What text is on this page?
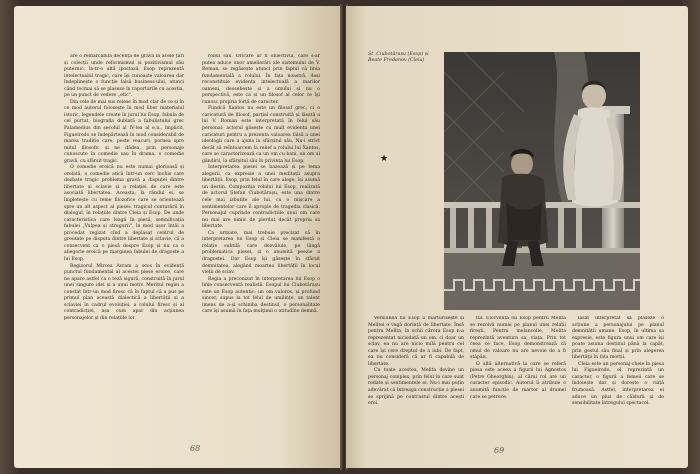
are o remarcabilă decență de gravă în acele țări și colecții unde reformismul și pozitivismul său puternic, în-tr-o altă ipostază, Esop reprezentă intelectualul tragic, care își cunoaște valoarea dar îndeplinește o funcție falsă business-ului, atunci când tocmai să se plaseze în raporturile cu acestia, pe un punct de vedere „etic".

Din cele de mai sus reiese în mod clar de ce și în ce mod autorul folosește în mod liber materialul istoric, legendele create în jurul lui Esop, fabula de cel purtat, biografia dublată a fabulistului grec Palamedius din secolul al IV-lea al e.n., implicit, Figueiredo se îndepărtează în mod considerabil de marea tradiție care, peste veacuri, pornea spre mitul filosofic și ne dădea, prin personaje cunoscute în comedie sau în drama, o comedie gravă, cu sfârșit tragic.

O comedie eroică nu este numai glorioasă și orelată, o comedie atică într-un cerc închis care dezbate tragic problema gravă a disputei dintre libertate și sclavie și a relației de care este asociată libertatea. Aceasta, la rândul ei, se împletește cu teme filozofice care se orientează spre un alt aspect al piesei: tragicul conturării în dialogul, în relațiile dintre Cleia și Esop. De unde caracteristica care leagă în piesă, semnificația fabulei „Vulpea și strugurii", în mod ușor întâi a procedat regizat cînd a deplasat centrul de greutate pe disputa dintre libertate și sclavie, că a consecvent ca o piesă despre Esop și nu ca o aliegorie eroică pe marginea fabulei de dragoste a lui Esop.

Regizorul Mircea Avram a scos în evidență punctul fundamental al acestei piese eroice, care ne apare astfel ca o teză sigură, construită în jurul unei singure idei și a unui motiv. Meritul regiei a constat într-un mod firesc că în faptul că a pus pe primul plan această dialectică a libertății și a sclaviei în cadrul evoluției, a rolului firesc și al contradicției, așa cum apar din acțiunea personajelor și din relațiile lor.

robul său. Oricare ar fi obiectivul, care s-ar putea aduce unor ameliorări ale sistemului de V. Roman, se regăsește atunci prin faptul că linia fundamentală a rolului. În fața noastră, deși reconstituie evidența intelectuală a marilor oameni, deosebește și a omului și nu o perspectivă, este ca și un filosof al celor ce își cunosc propria forță de caracter.

Fiindcă Xantos nu este un filosof grec, ci o caricatură de filosof, parțial construită și lăsată a lui V. Roman este interpretată în felul său personal: actorul găsește cu mult evidența unei caricaturi pentru a prezenta valoarea falsă a unei ideologii care a ajuns la sfârșitul său. Nu-i strict decât să reîntoarcem la relief a rolului lui Xantos, care se caracterizează ca un om cu bani, un om al gândirii, la sfârșitul său în privința lui Esop.

Interpretarea piesei se bazează și pe tema alegerii, ca expresie a unei meditații asupra libertății. Esop, prin felul în care alege, își asumă un destin. Compoziția rolului lui Esop, realizată de actorul Ștefan Ciubotărașu, este una dintre cele mai izbutite ale lui, cu o mișcare a sentimentelor care îl apropie de tragedia clasică. Personajul cuprinde contradicțiile unui om care nu mai are nimic de pierdut decât propria sa libertate.

Ca urmare, mai trebuie precizat că în interpretarea lui Esop și Cleia se manifestă o relație subtilă care dezvăluie, pe lângă problematica piesei, și o anumită poezie a dragostei. Dar Esop își găsește în sfârșit demnitatea, alegând moartea libertății în locul vieții de sclav.

Regia a preconizat în interpretarea lui Esop o linie consecventă realistă. Esopul lui Ciubotărașu este un Esop autentic: un om valoros, și profund sincer, supus la tot felul de umilințe, un talent imens de a-și schimba destinul, o personalitate care își asumă în fața mulțimii o atitudine demnă.

68
Șt. Ciubotărașu (Esop) și Beate Fredanov (Cleia)
★

Versiunea lui Esop îi mărturisește și Melitei o vagă dorință de libertate. Însă pentru Melita, în ochii cărora Esop n-a reprezentat niciodată un om, ci doar un sclav, ea nu are nicio milă pentru cel care își cere dreptul de a iubi. De fapt, ea nu consideră că ar fi capabilă de libertate.

Cu toate acestea, Melita devine un personaj complex, prin felul în care sunt redate și sentimentele ei. Nu-i mai puțin adevărat că întreaga construcție a piesei se sprijină pe contrastul dintre acești eroi.

tul. Elocvența lui Esop pentru Melita se rezolvă numai pe planul unei relații firești. Pentru melancolie, Melita reprezintă aventura sa, viața. Prin tot ceea ce face, Esop demonstrează că omul de valoare nu are nevoie de a fi stăpân.

O altă alternativă la care se referă piesa este aceea a figurii lui Agnostos (Petre Gheorghiu), al cărui rol are un caracter episodic. Autorul îi atribuie o anumită funcție de martor al dramei care se petrece.

lăsat interpretat să plaseze o acțiune a personajului pe planul demnității umane. Esop, în ultima sa expresie, este figura unui om care își poate asuma destinul până la capăt, prin gestul său final și prin alegerea libertății în fața morții.

Cleia este un personaj-cheie în piesa lui Figueiredo, el reprezintă un caracter, o figură a femeii care se îndoiește dar și dorește o viață frumoasă. Astfel, interpretarea ei aduce un plus de căldură și de sensibilitate întregului spectacol.

69
